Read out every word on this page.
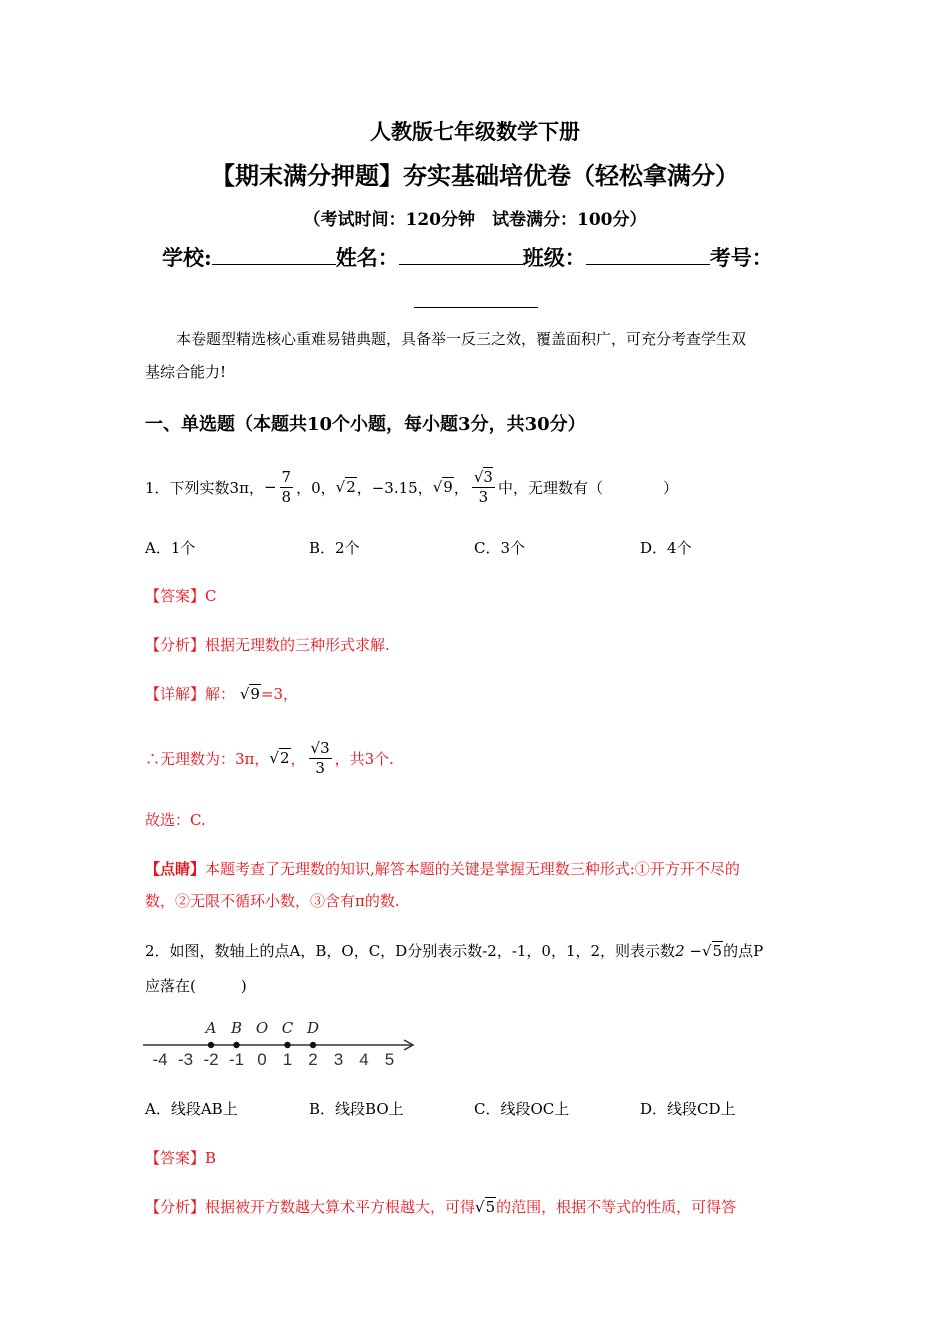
人教版七年级数学下册
【期末满分押题】夯实基础培优卷（轻松拿满分）
（考试时间：120分钟　试卷满分：100分）
学校:	姓名：	班级：	考号：
本卷题型精选核心重难易错典题，具备举一反三之效，覆盖面积广，可充分考查学生双
基综合能力!
一、单选题（本题共10个小题，每小题3分，共30分）
1．下列实数3π， − $\frac{7}{8}$ ，0， √2 ，−3.15， √9 ， $\frac{√3}{3}$ 中，无理数有（　　　　）
A．1个	B．2个	C．3个	D．4个
【答案】C
【分析】根据无理数的三种形式求解.
【详解】解： √9=3，
∴无理数为：3π， √2 ， $\frac{√3}{3}$ ，共3个.
故选：C.
【点睛】本题考查了无理数的知识,解答本题的关键是掌握无理数三种形式:①开方开不尽的
数，②无限不循环小数，③含有π的数.
2．如图，数轴上的点A，B，O，C，D分别表示数-2，-1，0，1，2，则表示数2 −√5的点P
应落在(　　　)
-4 -3 -2 -1 0 1 2 3 4 5
A B O C D
A．线段AB上	B．线段BO上	C．线段OC上	D．线段CD上
【答案】B
【分析】根据被开方数越大算术平方根越大，可得√5的范围，根据不等式的性质，可得答
